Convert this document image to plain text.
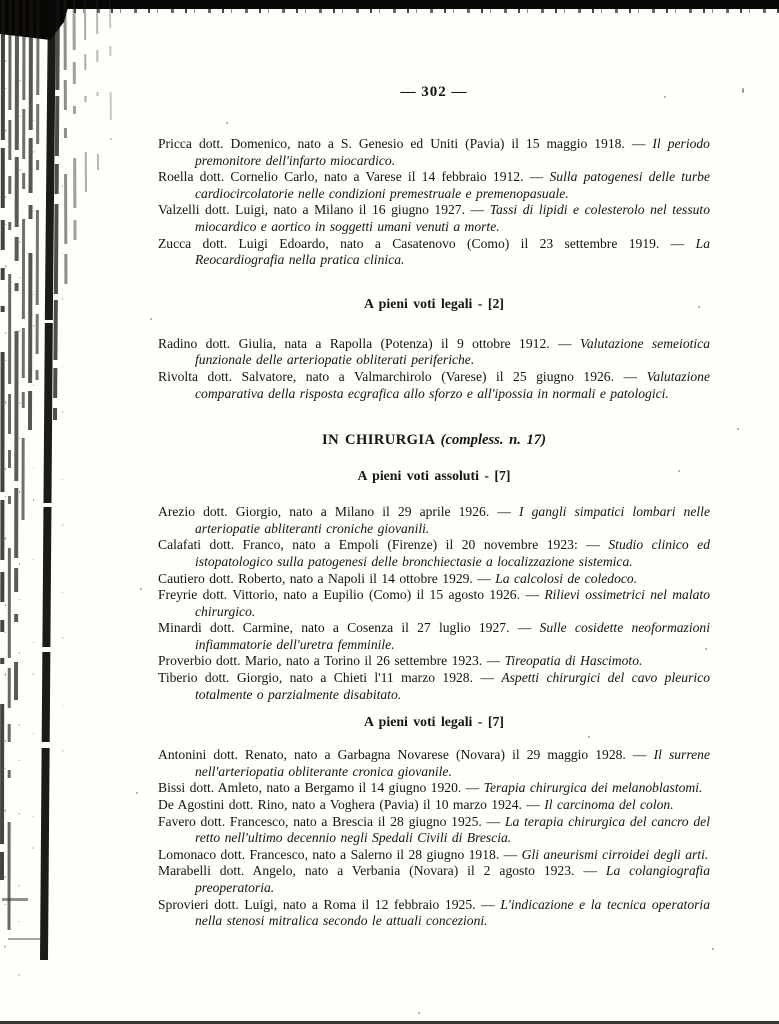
— 302 —

Pricca dott. Domenico, nato a S. Genesio ed Uniti (Pavia) il 15 maggio 1918. — Il periodo premonitore dell'infarto miocardico.

Roella dott. Cornelio Carlo, nato a Varese il 14 febbraio 1912. — Sulla patogenesi delle turbe cardiocircolatorie nelle condizioni premestruale e premenopasuale.

Valzelli dott. Luigi, nato a Milano il 16 giugno 1927. — Tassi di lipidi e colesterolo nel tessuto miocardico e aortico in soggetti umani venuti a morte.

Zucca dott. Luigi Edoardo, nato a Casatenovo (Como) il 23 settembre 1919. — La Reocardiografia nella pratica clinica.

A pieni voti legali - [2]

Radino dott. Giulia, nata a Rapolla (Potenza) il 9 ottobre 1912. — Valutazione semeiotica funzionale delle arteriopatie obliterati periferiche.

Rivolta dott. Salvatore, nato a Valmarchirolo (Varese) il 25 giugno 1926. — Valutazione comparativa della risposta ecgrafica allo sforzo e all'ipossia in normali e patologici.

IN CHIRURGIA (compless. n. 17)

A pieni voti assoluti - [7]

Arezio dott. Giorgio, nato a Milano il 29 aprile 1926. — I gangli simpatici lombari nelle arteriopatie abliteranti croniche giovanili.

Calafati dott. Franco, nato a Empoli (Firenze) il 20 novembre 1923: — Studio clinico ed istopatologico sulla patogenesi delle bronchiectasie a localizzazione sistemica.

Cautiero dott. Roberto, nato a Napoli il 14 ottobre 1929. — La calcolosi de coledoco.

Freyrie dott. Vittorio, nato a Eupilio (Como) il 15 agosto 1926. — Rilievi ossimetrici nel malato chirurgico.

Minardi dott. Carmine, nato a Cosenza il 27 luglio 1927. — Sulle cosidette neoformazioni infiammatorie dell'uretra femminile.

Proverbio dott. Mario, nato a Torino il 26 settembre 1923. — Tireopatia di Hascimoto.

Tiberio dott. Giorgio, nato a Chieti l'11 marzo 1928. — Aspetti chirurgici del cavo pleurico totalmente o parzialmente disabitato.

A pieni voti legali - [7]

Antonini dott. Renato, nato a Garbagna Novarese (Novara) il 29 maggio 1928. — Il surrene nell'arteriopatia obliterante cronica giovanile.

Bissi dott. Amleto, nato a Bergamo il 14 giugno 1920. — Terapia chirurgica dei melanoblastomi.

De Agostini dott. Rino, nato a Voghera (Pavia) il 10 marzo 1924. — Il carcinoma del colon.

Favero dott. Francesco, nato a Brescia il 28 giugno 1925. — La terapia chirurgica del cancro del retto nell'ultimo decennio negli Spedali Civili di Brescia.

Lomonaco dott. Francesco, nato a Salerno il 28 giugno 1918. — Gli aneurismi cirroidei degli arti.

Marabelli dott. Angelo, nato a Verbania (Novara) il 2 agosto 1923. — La colangiografia preoperatoria.

Sprovieri dott. Luigi, nato a Roma il 12 febbraio 1925. — L'indicazione e la tecnica operatoria nella stenosi mitralica secondo le attuali concezioni.
